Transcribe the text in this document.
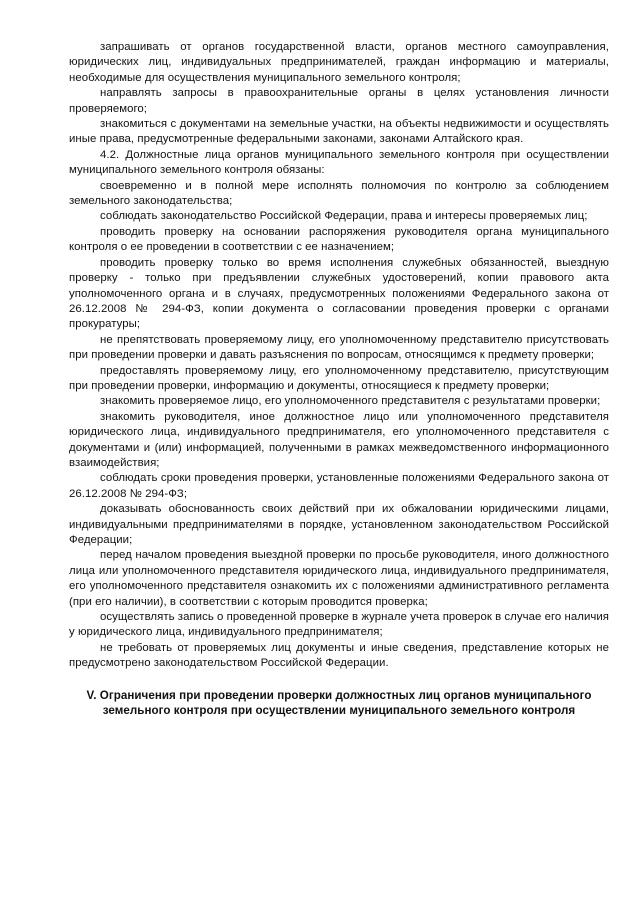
запрашивать от органов государственной власти, органов местного самоуправления, юридических лиц, индивидуальных предпринимателей, граждан информацию и материалы, необходимые для осуществления муниципального земельного контроля;

направлять запросы в правоохранительные органы в целях установления личности проверяемого;

знакомиться с документами на земельные участки, на объекты недвижимости и осуществлять иные права, предусмотренные федеральными законами, законами Алтайского края.

4.2. Должностные лица органов муниципального земельного контроля при осуществлении муниципального земельного контроля обязаны:

своевременно и в полной мере исполнять полномочия по контролю за соблюдением земельного законодательства;

соблюдать законодательство Российской Федерации, права и интересы проверяемых лиц;

проводить проверку на основании распоряжения руководителя органа муниципального контроля о ее проведении в соответствии с ее назначением;

проводить проверку только во время исполнения служебных обязанностей, выездную проверку - только при предъявлении служебных удостоверений, копии правового акта уполномоченного органа и в случаях, предусмотренных положениями Федерального закона от 26.12.2008 № 294-ФЗ, копии документа о согласовании проведения проверки с органами прокуратуры;

не препятствовать проверяемому лицу, его уполномоченному представителю присутствовать при проведении проверки и давать разъяснения по вопросам, относящимся к предмету проверки;

предоставлять проверяемому лицу, его уполномоченному представителю, присутствующим при проведении проверки, информацию и документы, относящиеся к предмету проверки;

знакомить проверяемое лицо, его уполномоченного представителя с результатами проверки;

знакомить руководителя, иное должностное лицо или уполномоченного представителя юридического лица, индивидуального предпринимателя, его уполномоченного представителя с документами и (или) информацией, полученными в рамках межведомственного информационного взаимодействия;

соблюдать сроки проведения проверки, установленные положениями Федерального закона от 26.12.2008 № 294-ФЗ;

доказывать обоснованность своих действий при их обжаловании юридическими лицами, индивидуальными предпринимателями в порядке, установленном законодательством Российской Федерации;

перед началом проведения выездной проверки по просьбе руководителя, иного должностного лица или уполномоченного представителя юридического лица, индивидуального предпринимателя, его уполномоченного представителя ознакомить их с положениями административного регламента (при его наличии), в соответствии с которым проводится проверка;

осуществлять запись о проведенной проверке в журнале учета проверок в случае его наличия у юридического лица, индивидуального предпринимателя;

не требовать от проверяемых лиц документы и иные сведения, представление которых не предусмотрено законодательством Российской Федерации.

V. Ограничения при проведении проверки должностных лиц органов муниципального земельного контроля при осуществлении муниципального земельного контроля
